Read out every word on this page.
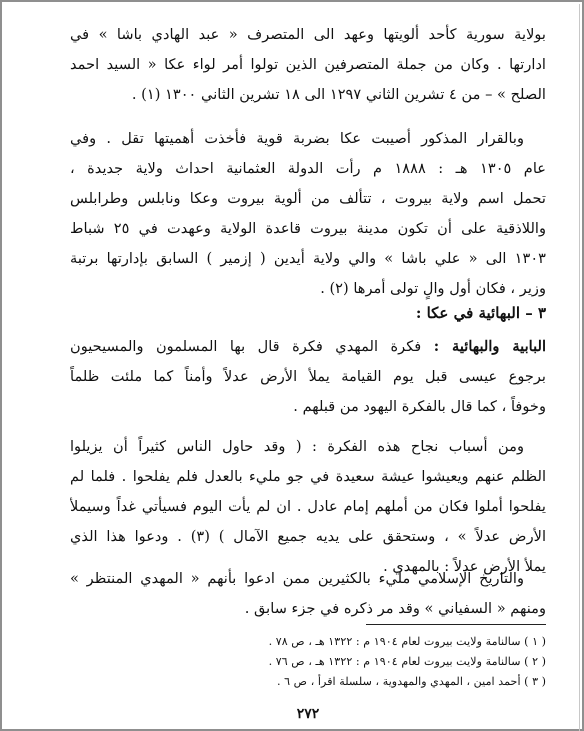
بولاية سورية كأحد ألويتها وعهد الى المتصرف « عبد الهادي باشا » في
ادارتها . وكان من جملة المتصرفين الذين تولوا أمر لواء عكا « السيد احمد
الصلح » – من ٤ تشرين الثاني ١٢٩٧ الى ١٨ تشرين الثاني ١٣٠٠ (١) .
وبالقرار المذكور أصيبت عكا بضربة قوية فأخذت أهميتها تقل . وفي
عام ١٣٠٥ هـ : ١٨٨٨ م رأت الدولة العثمانية احداث ولاية جديدة ،
تحمل اسم ولاية بيروت ، تتألف من ألوية بيروت وعكا ونابلس وطرابلس
واللاذقية على أن تكون مدينة بيروت قاعدة الولاية وعهدت في ٢٥ شباط
١٣٠٣ الى « علي باشا » والي ولاية أيدين ( إزمير ) السابق بإدارتها برتبة
وزير ، فكان أول والٍ تولى أمرها (٢) .
٣ – البهائية في عكا :
البابية والبهائية : فكرة المهدي فكرة قال بها المسلمون والمسيحيون
برجوع عيسى قبل يوم القيامة يملأ الأرض عدلاً وأمناً كما ملئت ظلماً
وخوفاً ، كما قال بالفكرة اليهود من قبلهم .
ومن أسباب نجاح هذه الفكرة : ( وقد حاول الناس كثيراً أن يزيلوا
الظلم عنهم ويعيشوا عيشة سعيدة في جو مليء بالعدل فلم يفلحوا . فلما لم
يفلحوا أملوا فكان من أملهم إمام عادل . ان لم يأت اليوم فسيأتي غداً وسيملأ
الأرض عدلاً » ، وستحقق على يديه جميع الآمال ) (٣) . ودعوا هذا الذي
يملأ الأرض عدلاً : بالمهدي .
والتاريخ الإسلامي مليء بالكثيرين ممن ادعوا بأنهم « المهدي المنتظر »
ومنهم « السفياني » وقد مر ذكره في جزء سابق .
( ١ ) سالنامة ولايت بيروت لعام ١٩٠٤ م : ١٣٢٢ هـ ، ص ٧٨ .
( ٢ ) سالنامة ولايت بيروت لعام ١٩٠٤ م : ١٣٢٢ هـ ، ص ٧٦ .
( ٣ ) أحمد امين ، المهدي والمهدوية ، سلسلة اقرأ ، ص ٦ .
٢٧٢
